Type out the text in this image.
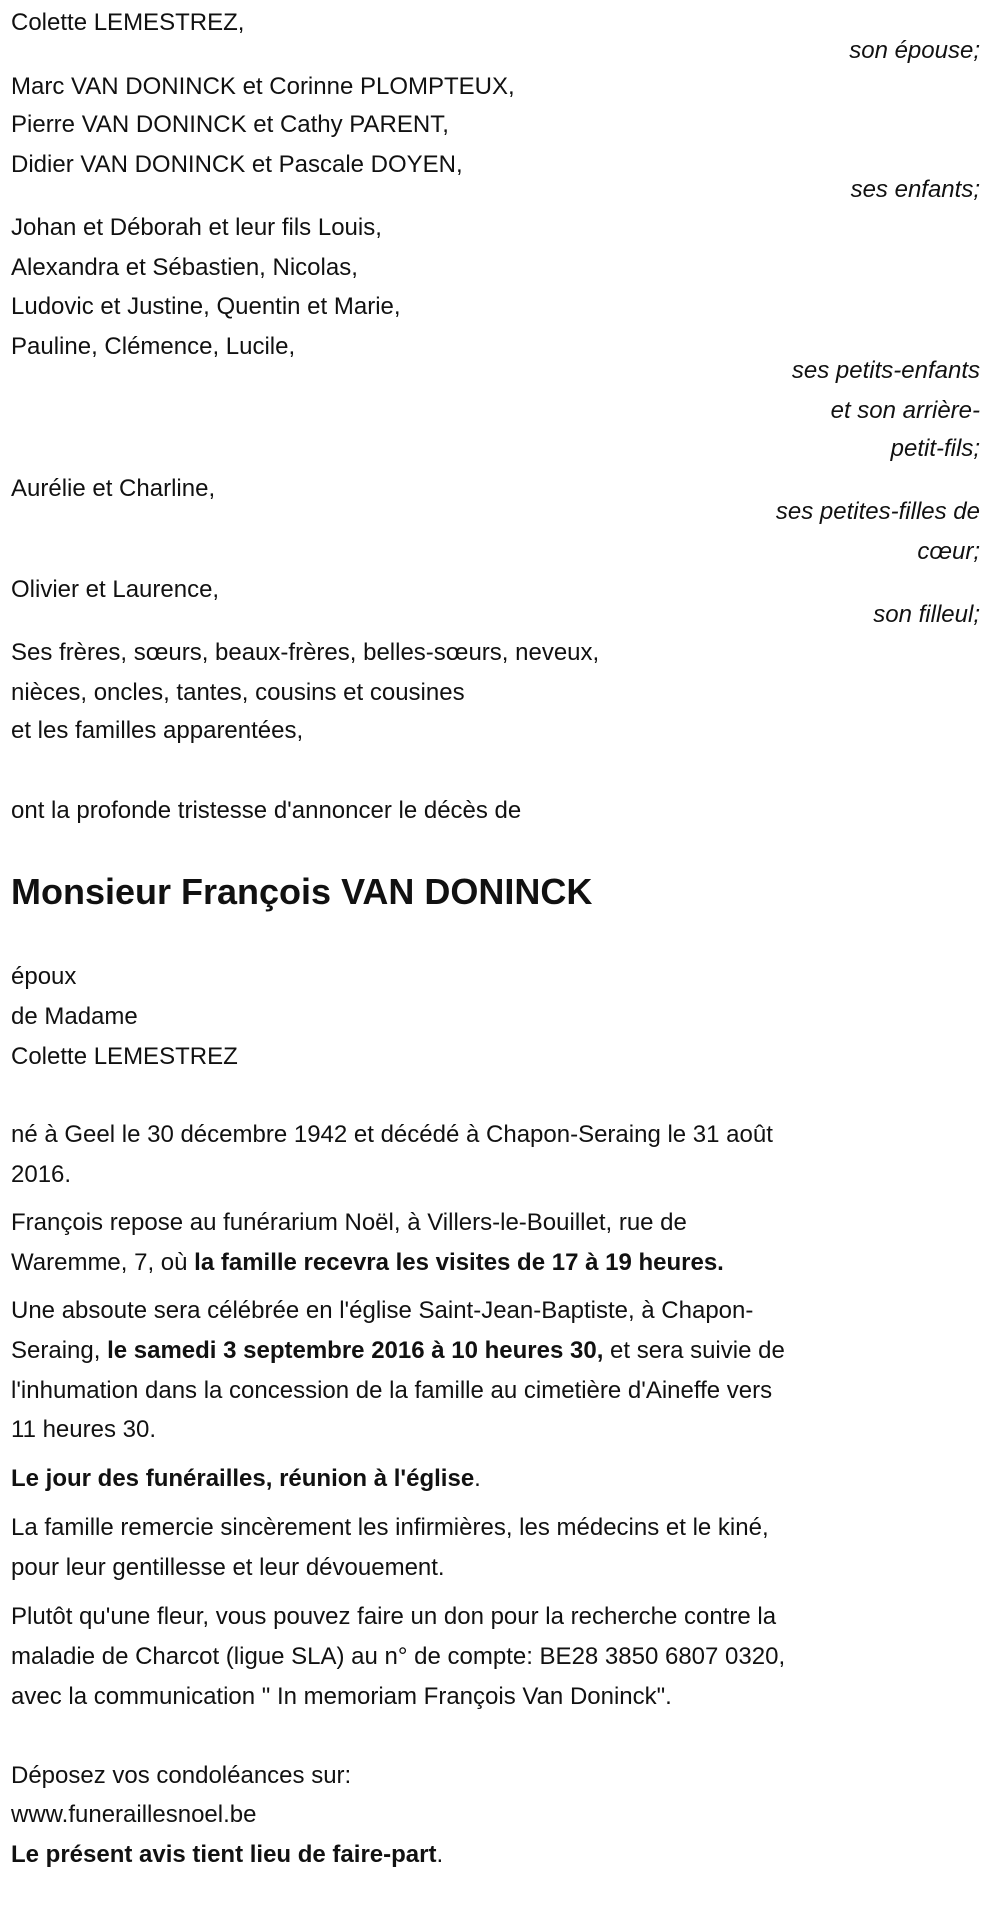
Colette LEMESTREZ,
son épouse;
Marc VAN DONINCK et Corinne PLOMPTEUX,
Pierre VAN DONINCK et Cathy PARENT,
Didier VAN DONINCK et Pascale DOYEN,
ses enfants;
Johan et Déborah et leur fils Louis,
Alexandra et Sébastien, Nicolas,
Ludovic et Justine, Quentin et Marie,
Pauline, Clémence, Lucile,
ses petits-enfants
et son arrière-
petit-fils;
Aurélie et Charline,
ses petites-filles de
cœur;
Olivier et Laurence,
son filleul;
Ses frères, sœurs, beaux-frères, belles-sœurs, neveux,
nièces, oncles, tantes, cousins et cousines
et les familles apparentées,
ont la profonde tristesse d'annoncer le décès de
Monsieur François VAN DONINCK
époux
de Madame
Colette LEMESTREZ
né à Geel le 30 décembre 1942 et décédé à Chapon-Seraing le 31 août
2016.
François repose au funérarium Noël, à Villers-le-Bouillet, rue de
Waremme, 7, où la famille recevra les visites de 17 à 19 heures.
Une absoute sera célébrée en l'église Saint-Jean-Baptiste, à Chapon-
Seraing, le samedi 3 septembre 2016 à 10 heures 30, et sera suivie de
l'inhumation dans la concession de la famille au cimetière d'Aineffe vers
11 heures 30.
Le jour des funérailles, réunion à l'église.
La famille remercie sincèrement les infirmières, les médecins et le kiné,
pour leur gentillesse et leur dévouement.
Plutôt qu'une fleur, vous pouvez faire un don pour la recherche contre la
maladie de Charcot (ligue SLA) au n° de compte: BE28 3850 6807 0320,
avec la communication " In memoriam François Van Doninck".
Déposez vos condoléances sur:
www.funeraillesnoel.be
Le présent avis tient lieu de faire-part.
